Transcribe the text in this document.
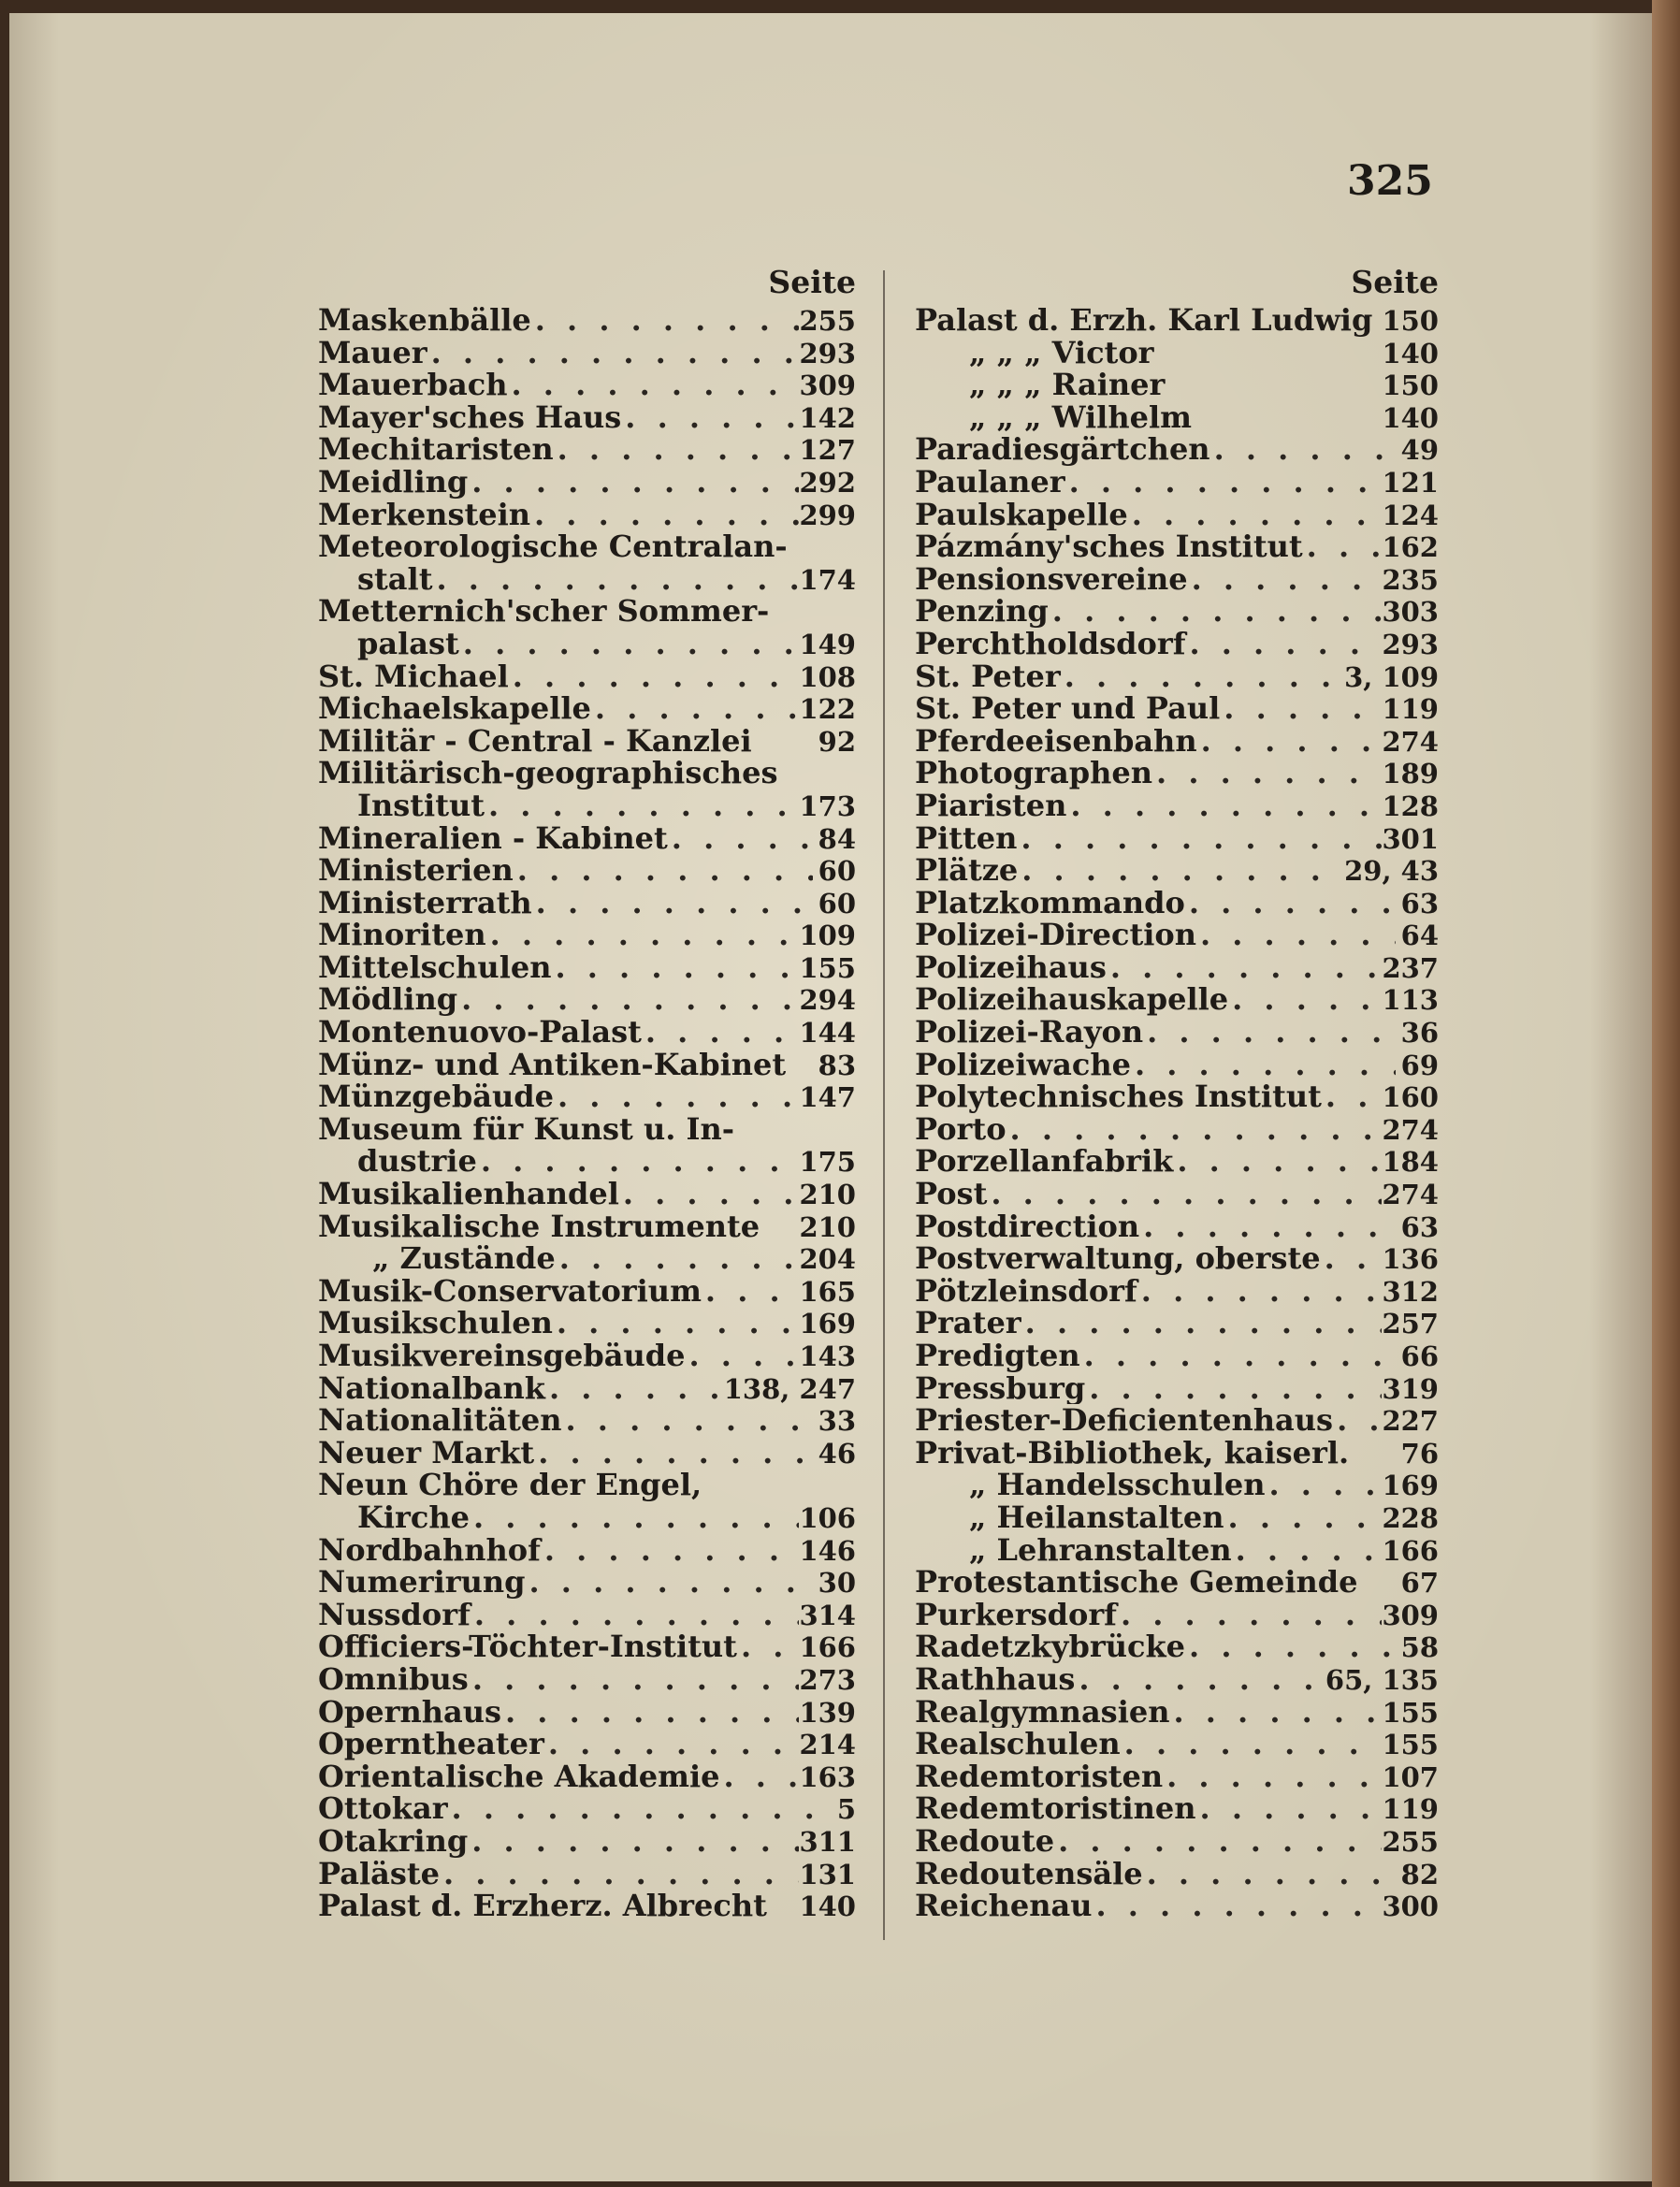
325
Seite
Maskenbälle . . .	255
Mauer . . .	293
Mauerbach . . .	309
Mayer'sches Haus . . .	142
Mechitaristen . . .	127
Meidling . . .	292
Merkenstein . . .	299
Meteorologische Centralan-
stalt . . .	174
Metternich'scher Sommer-
palast . . .	149
St. Michael . . .	108
Michaelskapelle . . .	122
Militär - Central - Kanzlei 92
Militärisch-geographisches
Institut . . .	173
Mineralien - Kabinet . . .	84
Ministerien . . .	60
Ministerrath . . .	60
Minoriten . . .	109
Mittelschulen . . .	155
Mödling . . .	294
Montenuovo-Palast . . .	144
Münz- und Antiken-Kabinet 83
Münzgebäude . . .	147
Museum für Kunst u. In-
dustrie . . .	175
Musikalienhandel . . .	210
Musikalische Instrumente 210
„ Zustände . . .	204
Musik-Conservatorium . . .	165
Musikschulen . . .	169
Musikvereinsgebäude . . .	143
Nationalbank . . .	138, 247
Nationalitäten . . .	33
Neuer Markt . . .	46
Neun Chöre der Engel,
Kirche . . .	106
Nordbahnhof . . .	146
Numerirung . . .	30
Nussdorf . . .	314
Officiers-Töchter-Institut . . . 166
Omnibus . . .	273
Opernhaus . . .	139
Operntheater . . .	214
Orientalische Akademie . . .	163
Ottokar . . .	5
Otakring . . .	311
Paläste . . .	131
Palast d. Erzherz. Albrecht 140
Seite
Palast d. Erzh. Karl Ludwig 150
„ „ „ Victor	140
„ „ „ Rainer	150
„ „ „ Wilhelm	140
Paradiesgärtchen . . .	49
Paulaner . . .	121
Paulskapelle . . .	124
Pázmány'sches Institut . . .	162
Pensionsvereine . . .	235
Penzing . . .	303
Perchtholdsdorf . . .	293
St. Peter . . .	3, 109
St. Peter und Paul . . .	119
Pferdeeisenbahn . . .	274
Photographen . . .	189
Piaristen . . .	128
Pitten . . .	301
Plätze . . .	29, 43
Platzkommando . . .	63
Polizei-Direction . . .	64
Polizeihaus . . .	237
Polizeihauskapelle . . .	113
Polizei-Rayon . . .	36
Polizeiwache . . .	69
Polytechnisches Institut . . . 160
Porto . . .	274
Porzellanfabrik . . .	184
Post . . .	274
Postdirection . . .	63
Postverwaltung, oberste . . . 136
Pötzleinsdorf . . .	312
Prater . . .	257
Predigten . . .	66
Pressburg . . .	319
Priester-Deficientenhaus . . . 227
Privat-Bibliothek, kaiserl. 76
„ Handelsschulen . . .	169
„ Heilanstalten . . .	228
„ Lehranstalten . . .	166
Protestantische Gemeinde 67
Purkersdorf . . .	309
Radetzkybrücke . . .	58
Rathhaus . . .	65, 135
Realgymnasien . . .	155
Realschulen . . .	155
Redemtoristen . . .	107
Redemtoristinen . . .	119
Redoute . . .	255
Redoutensäle . . .	82
Reichenau . . .	300
